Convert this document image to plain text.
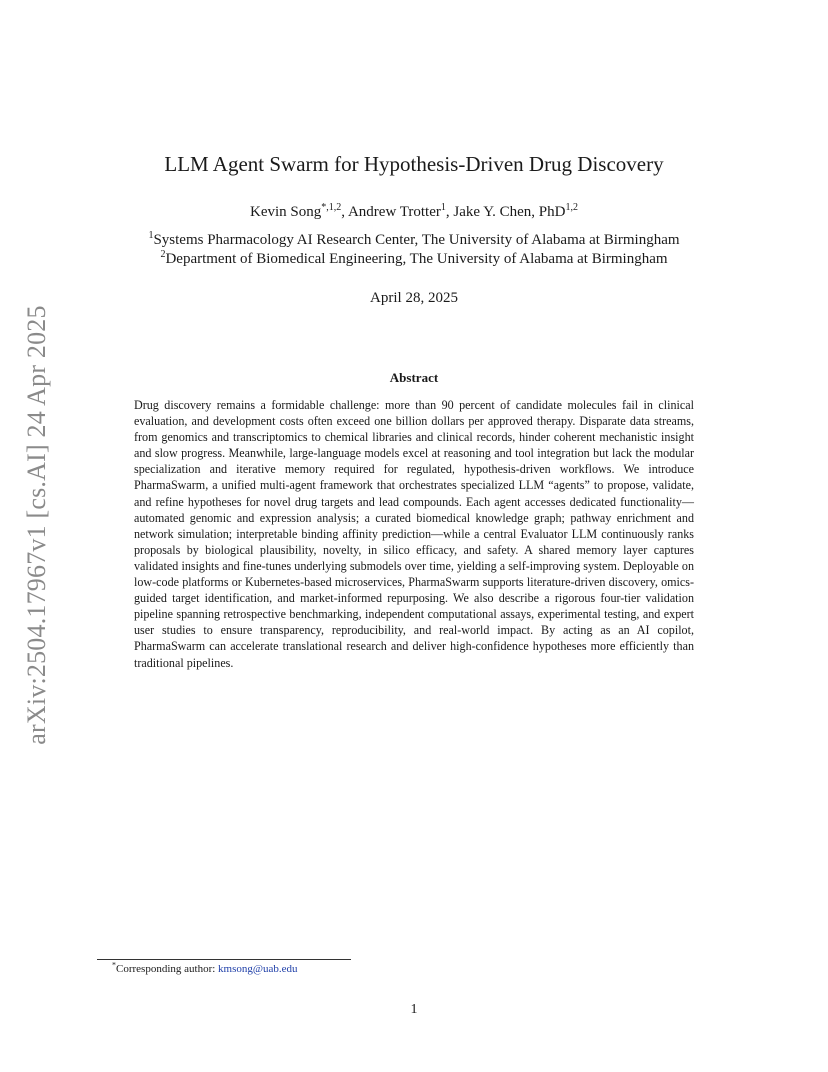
arXiv:2504.17967v1 [cs.AI] 24 Apr 2025
LLM Agent Swarm for Hypothesis-Driven Drug Discovery
Kevin Song$^{*,1,2}$, Andrew Trotter$^1$, Jake Y. Chen, PhD$^{1,2}$
$^1$Systems Pharmacology AI Research Center, The University of Alabama at Birmingham
$^2$Department of Biomedical Engineering, The University of Alabama at Birmingham
April 28, 2025
Abstract
Drug discovery remains a formidable challenge: more than 90 percent of candidate molecules fail in clinical evaluation, and development costs often exceed one billion dollars per approved therapy. Disparate data streams, from genomics and transcriptomics to chemical libraries and clinical records, hinder coherent mechanistic insight and slow progress. Meanwhile, large-language models excel at reasoning and tool integration but lack the modular specialization and iterative memory required for regulated, hypothesis-driven workflows. We introduce PharmaSwarm, a unified multi-agent framework that orchestrates specialized LLM “agents” to propose, validate, and refine hypotheses for novel drug targets and lead compounds. Each agent accesses dedicated functionality—automated genomic and expression analysis; a curated biomedical knowledge graph; pathway enrichment and network simulation; interpretable binding affinity prediction—while a central Evaluator LLM continuously ranks proposals by biological plausibility, novelty, in silico efficacy, and safety. A shared memory layer captures validated insights and fine-tunes underlying submodels over time, yielding a self-improving system. Deployable on low-code platforms or Kubernetes-based microservices, PharmaSwarm supports literature-driven discovery, omics-guided target identification, and market-informed repurposing. We also describe a rigorous four-tier validation pipeline spanning retrospective benchmarking, independent computational assays, experimental testing, and expert user studies to ensure transparency, reproducibility, and real-world impact. By acting as an AI copilot, PharmaSwarm can accelerate translational research and deliver high-confidence hypotheses more efficiently than traditional pipelines.
*Corresponding author: kmsong@uab.edu
1
